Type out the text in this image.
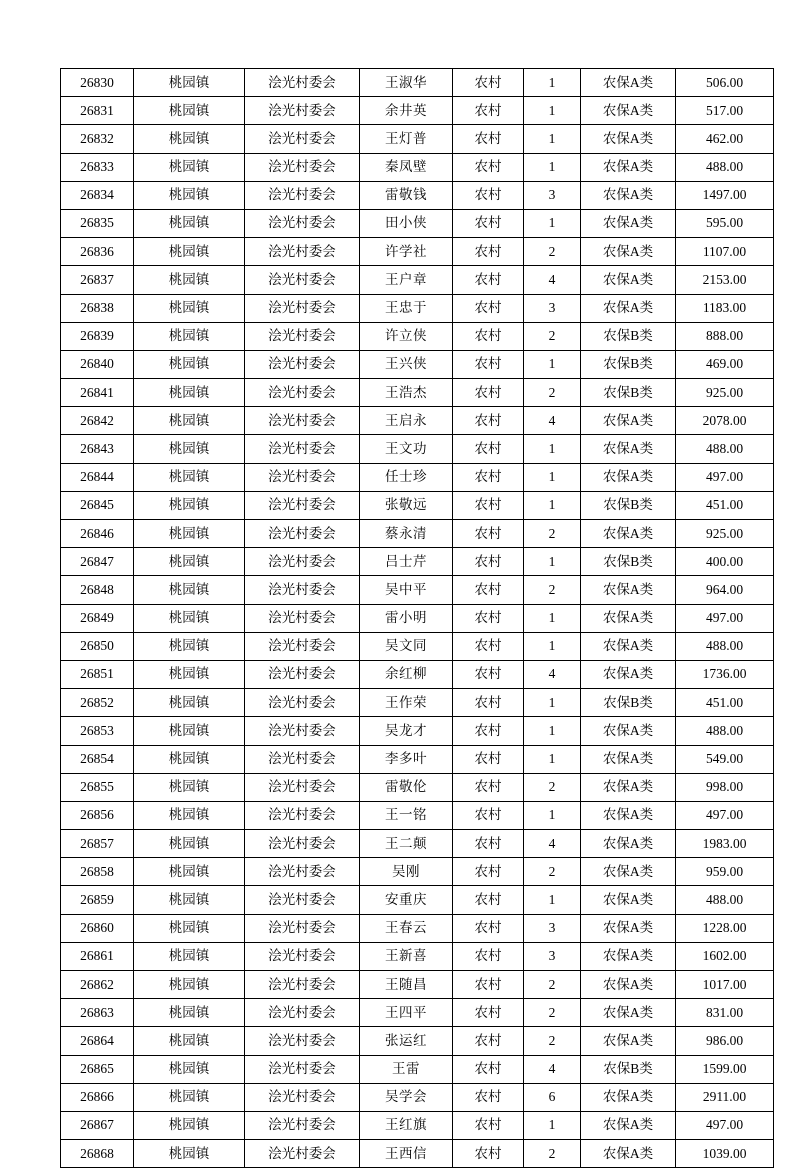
26830	桃园镇	浍光村委会	王淑华	农村	1	农保A类	506.00
26831	桃园镇	浍光村委会	余井英	农村	1	农保A类	517.00
26832	桃园镇	浍光村委会	王灯普	农村	1	农保A类	462.00
26833	桃园镇	浍光村委会	秦凤壁	农村	1	农保A类	488.00
26834	桃园镇	浍光村委会	雷敬钱	农村	3	农保A类	1497.00
26835	桃园镇	浍光村委会	田小侠	农村	1	农保A类	595.00
26836	桃园镇	浍光村委会	许学社	农村	2	农保A类	1107.00
26837	桃园镇	浍光村委会	王户章	农村	4	农保A类	2153.00
26838	桃园镇	浍光村委会	王忠于	农村	3	农保A类	1183.00
26839	桃园镇	浍光村委会	许立侠	农村	2	农保B类	888.00
26840	桃园镇	浍光村委会	王兴侠	农村	1	农保B类	469.00
26841	桃园镇	浍光村委会	王浩杰	农村	2	农保B类	925.00
26842	桃园镇	浍光村委会	王启永	农村	4	农保A类	2078.00
26843	桃园镇	浍光村委会	王文功	农村	1	农保A类	488.00
26844	桃园镇	浍光村委会	任士珍	农村	1	农保A类	497.00
26845	桃园镇	浍光村委会	张敬远	农村	1	农保B类	451.00
26846	桃园镇	浍光村委会	蔡永清	农村	2	农保A类	925.00
26847	桃园镇	浍光村委会	吕士芹	农村	1	农保B类	400.00
26848	桃园镇	浍光村委会	吴中平	农村	2	农保A类	964.00
26849	桃园镇	浍光村委会	雷小明	农村	1	农保A类	497.00
26850	桃园镇	浍光村委会	吴文同	农村	1	农保A类	488.00
26851	桃园镇	浍光村委会	余红柳	农村	4	农保A类	1736.00
26852	桃园镇	浍光村委会	王作荣	农村	1	农保B类	451.00
26853	桃园镇	浍光村委会	吴龙才	农村	1	农保A类	488.00
26854	桃园镇	浍光村委会	李多叶	农村	1	农保A类	549.00
26855	桃园镇	浍光村委会	雷敬伦	农村	2	农保A类	998.00
26856	桃园镇	浍光村委会	王一铭	农村	1	农保A类	497.00
26857	桃园镇	浍光村委会	王二颠	农村	4	农保A类	1983.00
26858	桃园镇	浍光村委会	吴刚	农村	2	农保A类	959.00
26859	桃园镇	浍光村委会	安重庆	农村	1	农保A类	488.00
26860	桃园镇	浍光村委会	王春云	农村	3	农保A类	1228.00
26861	桃园镇	浍光村委会	王新喜	农村	3	农保A类	1602.00
26862	桃园镇	浍光村委会	王随昌	农村	2	农保A类	1017.00
26863	桃园镇	浍光村委会	王四平	农村	2	农保A类	831.00
26864	桃园镇	浍光村委会	张运红	农村	2	农保A类	986.00
26865	桃园镇	浍光村委会	王雷	农村	4	农保B类	1599.00
26866	桃园镇	浍光村委会	吴学会	农村	6	农保A类	2911.00
26867	桃园镇	浍光村委会	王红旗	农村	1	农保A类	497.00
26868	桃园镇	浍光村委会	王西信	农村	2	农保A类	1039.00
